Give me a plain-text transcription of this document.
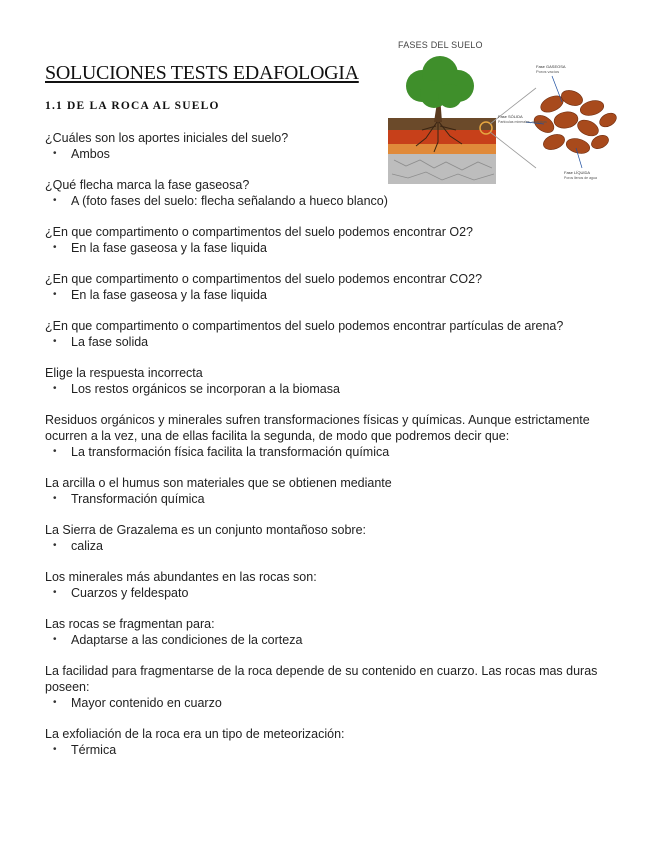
FASES DEL SUELO
Fase GASEOSA
Poros vacíos
Fase SÓLIDA
Partículas minerales, orgánicas
Fase LÍQUIDA
Poros llenos de agua
SOLUCIONES TESTS EDAFOLOGIA
1.1 DE LA ROCA AL SUELO

¿Cuáles son los aportes iniciales del suelo?

•	Ambos

¿Qué flecha marca la fase gaseosa?

•	A (foto fases del suelo: flecha señalando a hueco blanco)

¿En que compartimento o compartimentos del suelo podemos encontrar O2?

•	En la fase gaseosa y la fase liquida

¿En que compartimento o compartimentos del suelo podemos encontrar CO2?

•	En la fase gaseosa y la fase liquida

¿En que compartimento o compartimentos del suelo podemos encontrar partículas de arena?

•	La fase solida

Elige la respuesta incorrecta

•	Los restos orgánicos se incorporan a la biomasa

Residuos orgánicos y minerales sufren transformaciones físicas y químicas. Aunque estrictamente ocurren a la vez, una de ellas facilita la segunda, de modo que podremos decir que:

•	La transformación física facilita la transformación química

La arcilla o el humus son materiales que se obtienen mediante

•	Transformación química

La Sierra de Grazalema es un conjunto montañoso sobre:

•	caliza

Los minerales más abundantes en las rocas son:

•	Cuarzos y feldespato

Las rocas se fragmentan para:

•	Adaptarse a las condiciones de la corteza

La facilidad para fragmentarse de la roca depende de su contenido en cuarzo. Las rocas mas duras poseen:

•	Mayor contenido en cuarzo

La exfoliación de la roca era un tipo de meteorización:

•	Térmica
